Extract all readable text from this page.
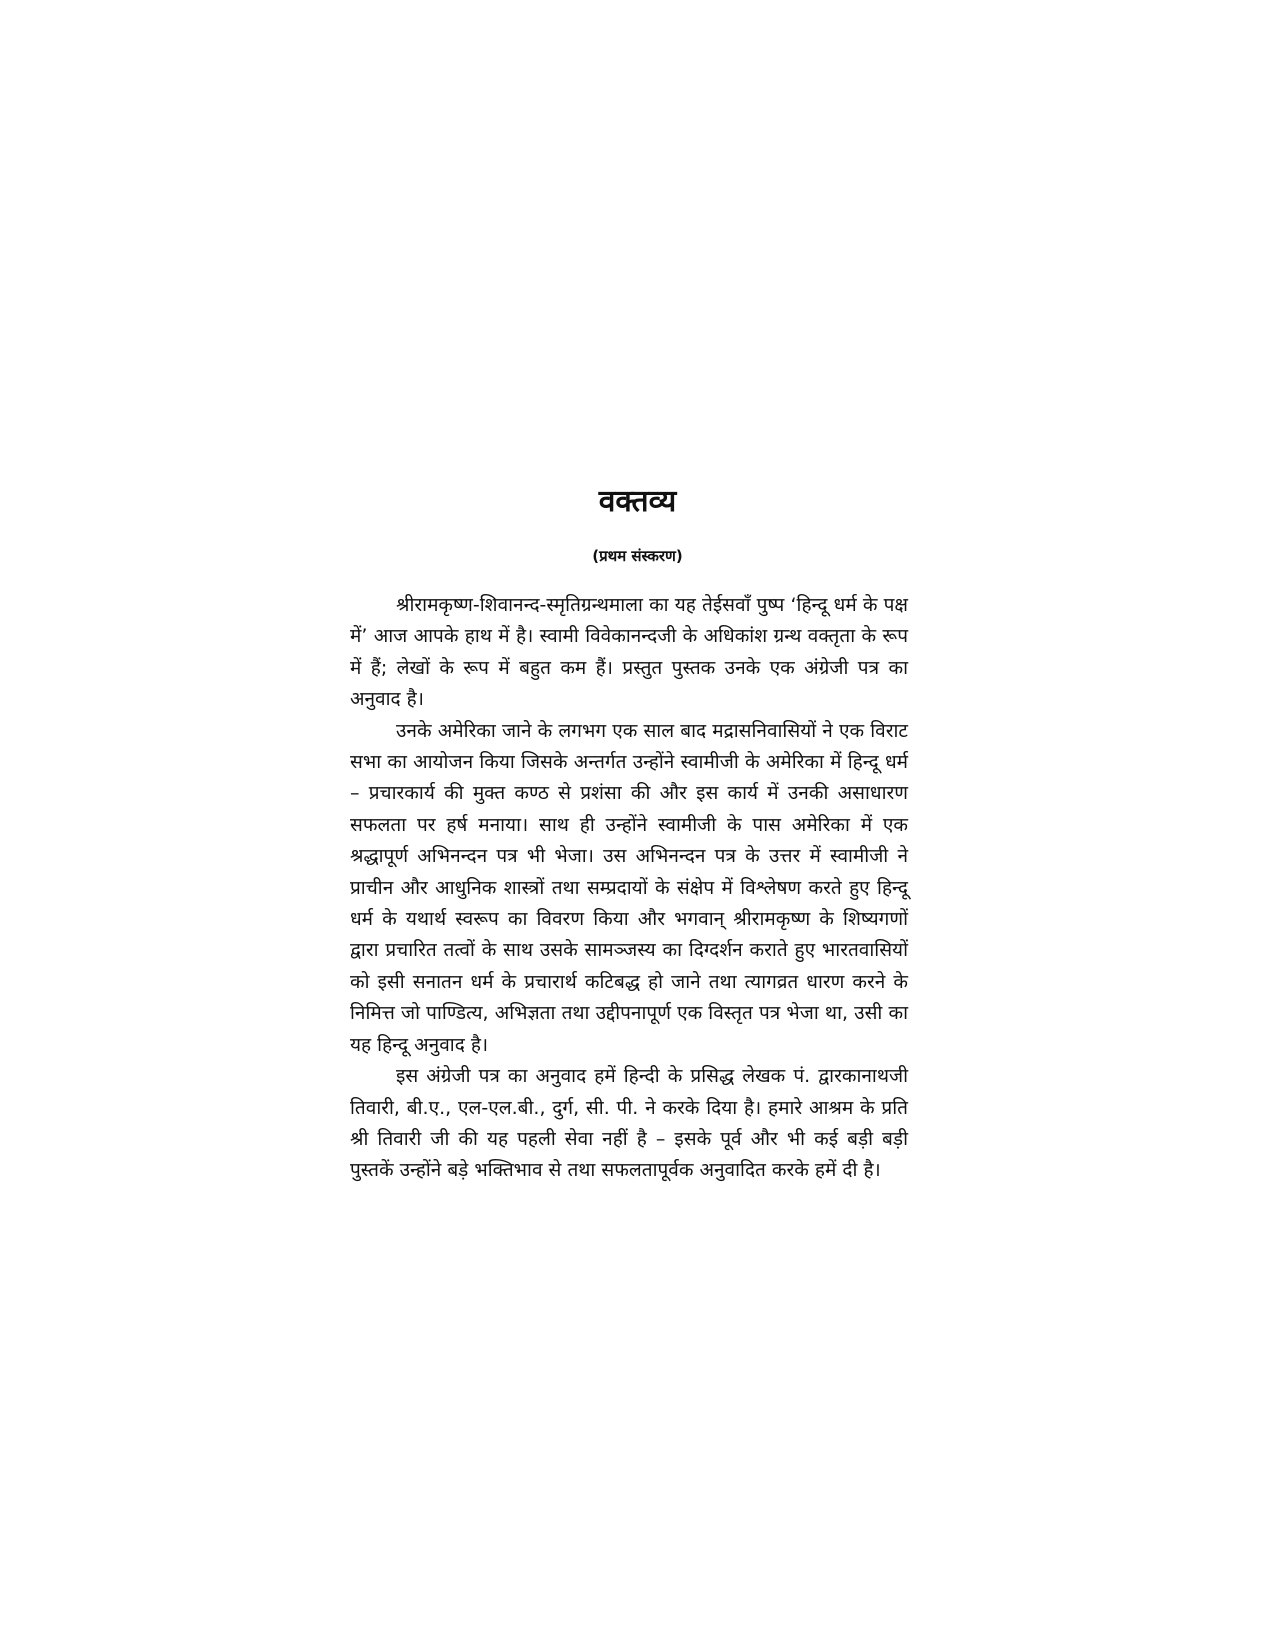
वक्तव्य
(प्रथम संस्करण)

श्रीरामकृष्ण-शिवानन्द-स्मृतिग्रन्थमाला का यह तेईसवाँ पुष्प ‘हिन्दू धर्म के पक्ष में’ आज आपके हाथ में है। स्वामी विवेकानन्दजी के अधिकांश ग्रन्थ वक्तृता के रूप में हैं; लेखों के रूप में बहुत कम हैं। प्रस्तुत पुस्तक उनके एक अंग्रेजी पत्र का अनुवाद है।

उनके अमेरिका जाने के लगभग एक साल बाद मद्रासनिवासियों ने एक विराट सभा का आयोजन किया जिसके अन्तर्गत उन्होंने स्वामीजी के अमेरिका में हिन्दू धर्म – प्रचारकार्य की मुक्त कण्ठ से प्रशंसा की और इस कार्य में उनकी असाधारण सफलता पर हर्ष मनाया। साथ ही उन्होंने स्वामीजी के पास अमेरिका में एक श्रद्धापूर्ण अभिनन्दन पत्र भी भेजा। उस अभिनन्दन पत्र के उत्तर में स्वामीजी ने प्राचीन और आधुनिक शास्त्रों तथा सम्प्रदायों के संक्षेप में विश्लेषण करते हुए हिन्दू धर्म के यथार्थ स्वरूप का विवरण किया और भगवान् श्रीरामकृष्ण के शिष्यगणों द्वारा प्रचारित तत्वों के साथ उसके सामञ्जस्य का दिग्दर्शन कराते हुए भारतवासियों को इसी सनातन धर्म के प्रचारार्थ कटिबद्ध हो जाने तथा त्यागव्रत धारण करने के निमित्त जो पाण्डित्य, अभिज्ञता तथा उद्दीपनापूर्ण एक विस्तृत पत्र भेजा था, उसी का यह हिन्दू अनुवाद है।

इस अंग्रेजी पत्र का अनुवाद हमें हिन्दी के प्रसिद्ध लेखक पं. द्वारकानाथजी तिवारी, बी.ए., एल-एल.बी., दुर्ग, सी. पी. ने करके दिया है। हमारे आश्रम के प्रति श्री तिवारी जी की यह पहली सेवा नहीं है – इसके पूर्व और भी कई बड़ी बड़ी पुस्तकें उन्होंने बड़े भक्तिभाव से तथा सफलतापूर्वक अनुवादित करके हमें दी है।
